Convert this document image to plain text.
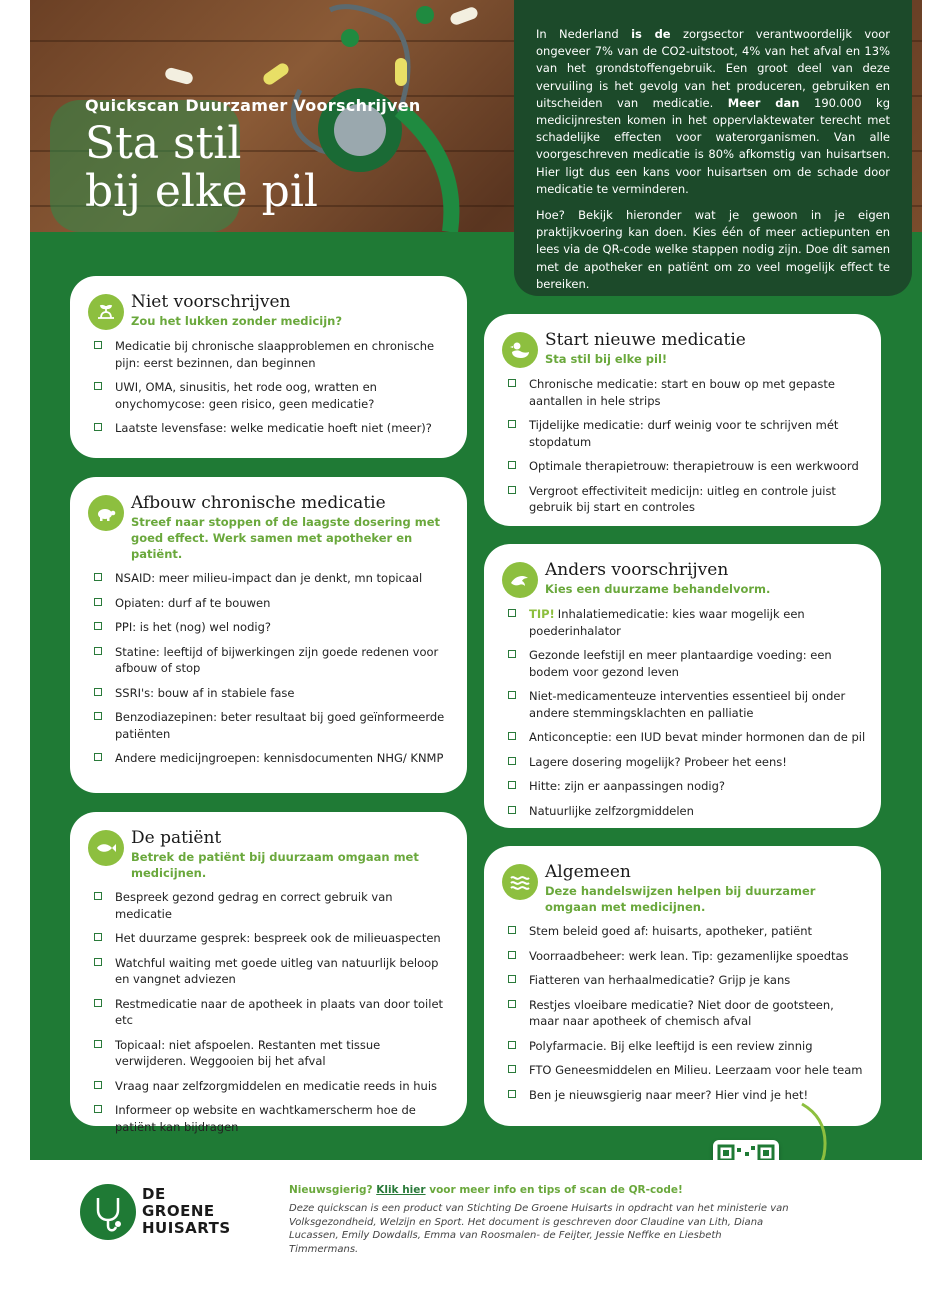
Quickscan Duurzamer Voorschrijven
Sta stil
bij elke pil

In Nederland is de zorgsector verantwoordelijk voor ongeveer 7% van de CO2-uitstoot, 4% van het afval en 13% van het grondstoffengebruik. Een groot deel van deze vervuiling is het gevolg van het produceren, gebruiken en uitscheiden van medicatie. Meer dan 190.000 kg medicijnresten komen in het oppervlaktewater terecht met schadelijke effecten voor waterorganismen. Van alle voorgeschreven medicatie is 80% afkomstig van huisartsen. Hier ligt dus een kans voor huisartsen om de schade door medicatie te verminderen.

Hoe? Bekijk hieronder wat je gewoon in je eigen praktijkvoering kan doen. Kies één of meer actiepunten en lees via de QR-code welke stappen nodig zijn. Doe dit samen met de apotheker en patiënt om zo veel mogelijk effect te bereiken.

Niet voorschrijven
Zou het lukken zonder medicijn?
Medicatie bij chronische slaapproblemen en chronische pijn: eerst bezinnen, dan beginnen
UWI, OMA, sinusitis, het rode oog, wratten en onychomycose: geen risico, geen medicatie?
Laatste levensfase: welke medicatie hoeft niet (meer)?
Afbouw chronische medicatie
Streef naar stoppen of de laagste dosering met goed effect. Werk samen met apotheker en patiënt.
NSAID: meer milieu-impact dan je denkt, mn topicaal
Opiaten: durf af te bouwen
PPI: is het (nog) wel nodig?
Statine: leeftijd of bijwerkingen zijn goede redenen voor afbouw of stop
SSRI's: bouw af in stabiele fase
Benzodiazepinen: beter resultaat bij goed geïnformeerde patiënten
Andere medicijngroepen: kennisdocumenten NHG/ KNMP
De patiënt
Betrek de patiënt bij duurzaam omgaan met medicijnen.
Bespreek gezond gedrag en correct gebruik van medicatie
Het duurzame gesprek: bespreek ook de milieuaspecten
Watchful waiting met goede uitleg van natuurlijk beloop en vangnet adviezen
Restmedicatie naar de apotheek in plaats van door toilet etc
Topicaal: niet afspoelen. Restanten met tissue verwijderen. Weggooien bij het afval
Vraag naar zelfzorgmiddelen en medicatie reeds in huis
Informeer op website en wachtkamerscherm hoe de patiënt kan bijdragen
Start nieuwe medicatie
Sta stil bij elke pil!
Chronische medicatie: start en bouw op met gepaste aantallen in hele strips
Tijdelijke medicatie: durf weinig voor te schrijven mét stopdatum
Optimale therapietrouw: therapietrouw is een werkwoord
Vergroot effectiviteit medicijn: uitleg en controle juist gebruik bij start en controles
Anders voorschrijven
Kies een duurzame behandelvorm.
TIP! Inhalatiemedicatie: kies waar mogelijk een poederinhalator
Gezonde leefstijl en meer plantaardige voeding: een bodem voor gezond leven
Niet-medicamenteuze interventies essentieel bij onder andere stemmingsklachten en palliatie
Anticonceptie: een IUD bevat minder hormonen dan de pil
Lagere dosering mogelijk? Probeer het eens!
Hitte: zijn er aanpassingen nodig?
Natuurlijke zelfzorgmiddelen
Algemeen
Deze handelswijzen helpen bij duurzamer omgaan met medicijnen.
Stem beleid goed af: huisarts, apotheker, patiënt
Voorraadbeheer: werk lean. Tip: gezamenlijke spoedtas
Fiatteren van herhaalmedicatie? Grijp je kans
Restjes vloeibare medicatie? Niet door de gootsteen, maar naar apotheek of chemisch afval
Polyfarmacie. Bij elke leeftijd is een review zinnig
FTO Geneesmiddelen en Milieu. Leerzaam voor hele team
Ben je nieuwsgierig naar meer? Hier vind je het!
DE
GROENE
HUISARTS
Nieuwsgierig? Klik hier voor meer info en tips of scan de QR-code!
Deze quickscan is een product van Stichting De Groene Huisarts in opdracht van het ministerie van Volksgezondheid, Welzijn en Sport. Het document is geschreven door Claudine van Lith, Diana Lucassen, Emily Dowdalls, Emma van Roosmalen- de Feijter, Jessie Neffke en Liesbeth Timmermans.
